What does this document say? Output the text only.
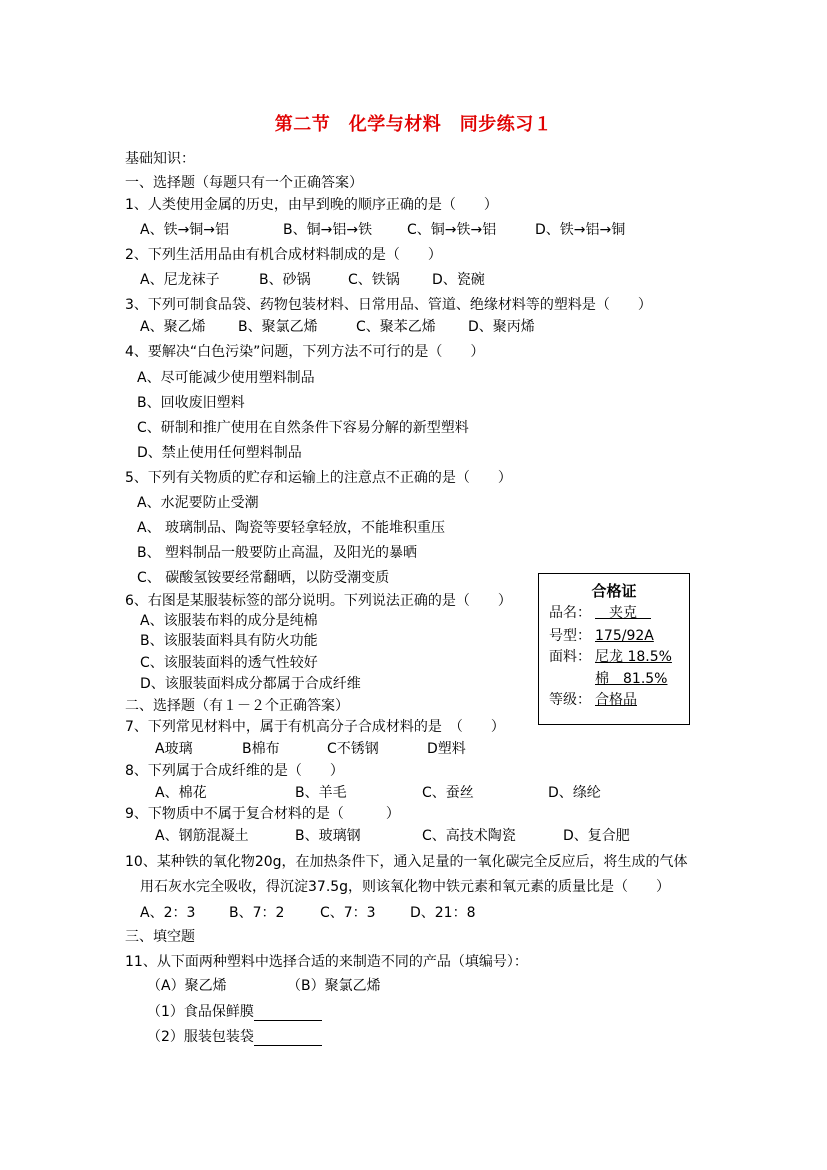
第二节　化学与材料　同步练习１
基础知识：
一、选择题（每题只有一个正确答案）
1、人类使用金属的历史，由早到晚的顺序正确的是（　　）
A、铁→铜→铝	B、铜→铝→铁 C、铜→铁→铝	D、铁→铝→铜
2、下列生活用品由有机合成材料制成的是（　　）
A、尼龙袜子	B、砂锅	C、铁锅 D、瓷碗
3、下列可制食品袋、药物包装材料、日常用品、管道、绝缘材料等的塑料是（　　）
A、聚乙烯 B、聚氯乙烯	C、聚苯乙烯 D、聚丙烯
4、要解决“白色污染”问题，下列方法不可行的是（　　）
A、尽可能减少使用塑料制品
B、回收废旧塑料
C、研制和推广使用在自然条件下容易分解的新型塑料
D、禁止使用任何塑料制品
5、下列有关物质的贮存和运输上的注意点不正确的是（　　）
A、水泥要防止受潮
A、 玻璃制品、陶瓷等要轻拿轻放，不能堆积重压
B、 塑料制品一般要防止高温，及阳光的暴晒
C、 碳酸氢铵要经常翻晒，以防受潮变质
6、右图是某服装标签的部分说明。下列说法正确的是（　　）
A、该服装布料的成分是纯棉
B、该服装面料具有防火功能
C、该服装面料的透气性较好
D、该服装面料成分都属于合成纤维
合格证
品名：
　	夹克　
号型： 175/92A
面料： 尼龙 18.5%
棉　81.5%
等级： 合格品
二、选择题（有１－２个正确答案）
7、下列常见材料中，属于有机高分子合成材料的是　（　　）
A玻璃	B棉布	C不锈钢	D塑料
8、下列属于合成纤维的是（　　）
A、棉花	B、羊毛	C、蚕丝	D、绦纶
9、下物质中不属于复合材料的是（　　　）
A、钢筋混凝土	B、玻璃钢	C、高技术陶瓷	D、复合肥
10、某种铁的氧化物20g，在加热条件下，通入足量的一氧化碳完全反应后，将生成的气体
用石灰水完全吸收，得沉淀37.5g，则该氧化物中铁元素和氧元素的质量比是（　　）
A、2：3 B、7：2	C、7：3 D、21：8
三、填空题
11、从下面两种塑料中选择合适的来制造不同的产品（填编号）：
（A）聚乙烯	（B）聚氯乙烯
（1）食品保鲜膜
（2）服装包装袋
